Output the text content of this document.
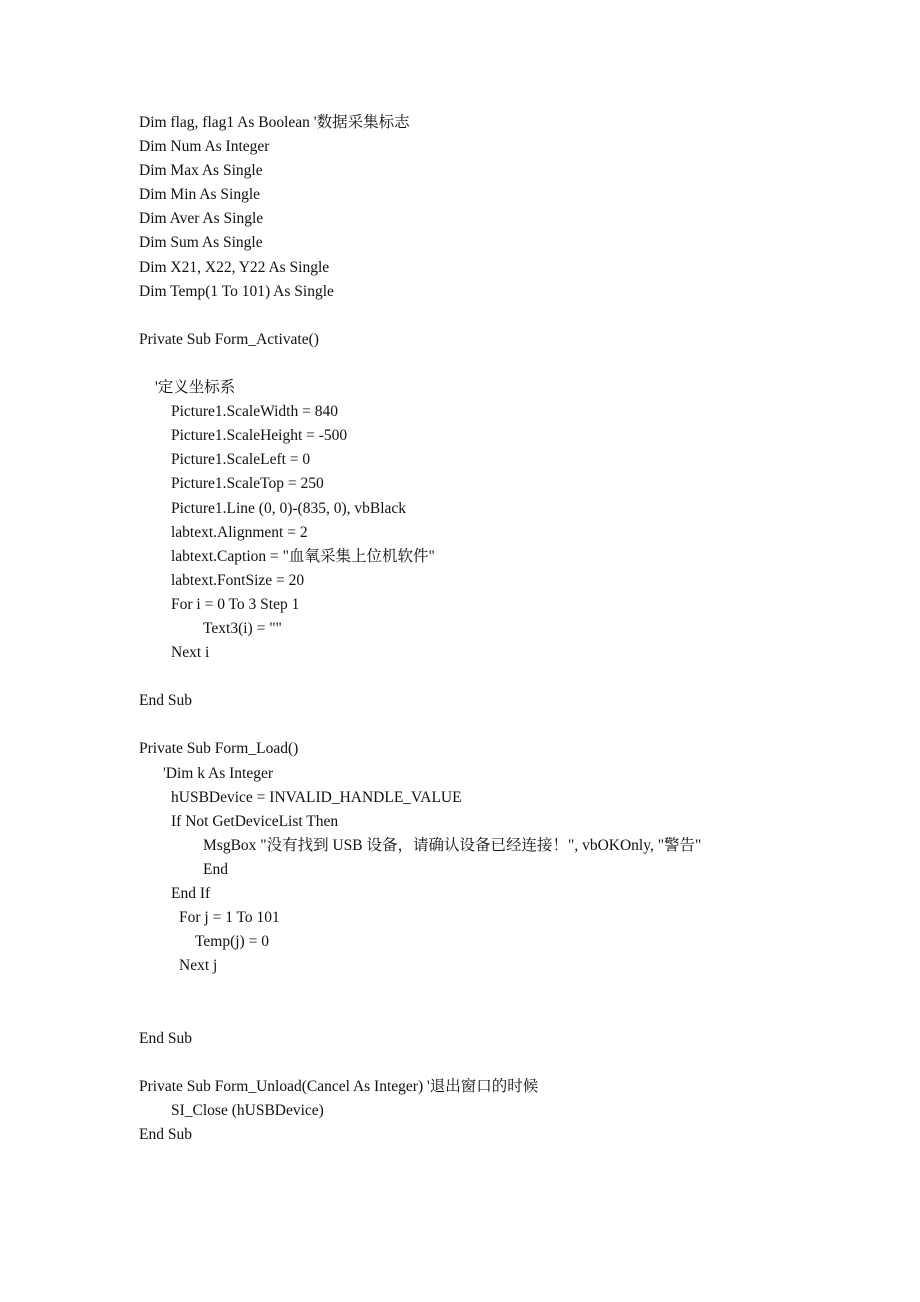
Dim flag, flag1 As Boolean '数据采集标志
Dim Num As Integer
Dim Max As Single
Dim Min As Single
Dim Aver As Single
Dim Sum As Single
Dim X21, X22, Y22 As Single
Dim Temp(1 To 101) As Single
Private Sub Form_Activate()
'定义坐标系
Picture1.ScaleWidth = 840
Picture1.ScaleHeight = -500
Picture1.ScaleLeft = 0
Picture1.ScaleTop = 250
Picture1.Line (0, 0)-(835, 0), vbBlack
labtext.Alignment = 2
labtext.Caption = "血氧采集上位机软件"
labtext.FontSize = 20
For i = 0 To 3 Step 1
Text3(i) = ""
Next i
End Sub
Private Sub Form_Load()
'Dim k As Integer
hUSBDevice = INVALID_HANDLE_VALUE
If Not GetDeviceList Then
MsgBox "没有找到 USB 设备，请确认设备已经连接！", vbOKOnly, "警告"
End
End If
For j = 1 To 101
Temp(j) = 0
Next j
End Sub
Private Sub Form_Unload(Cancel As Integer) '退出窗口的时候
SI_Close (hUSBDevice)
End Sub
